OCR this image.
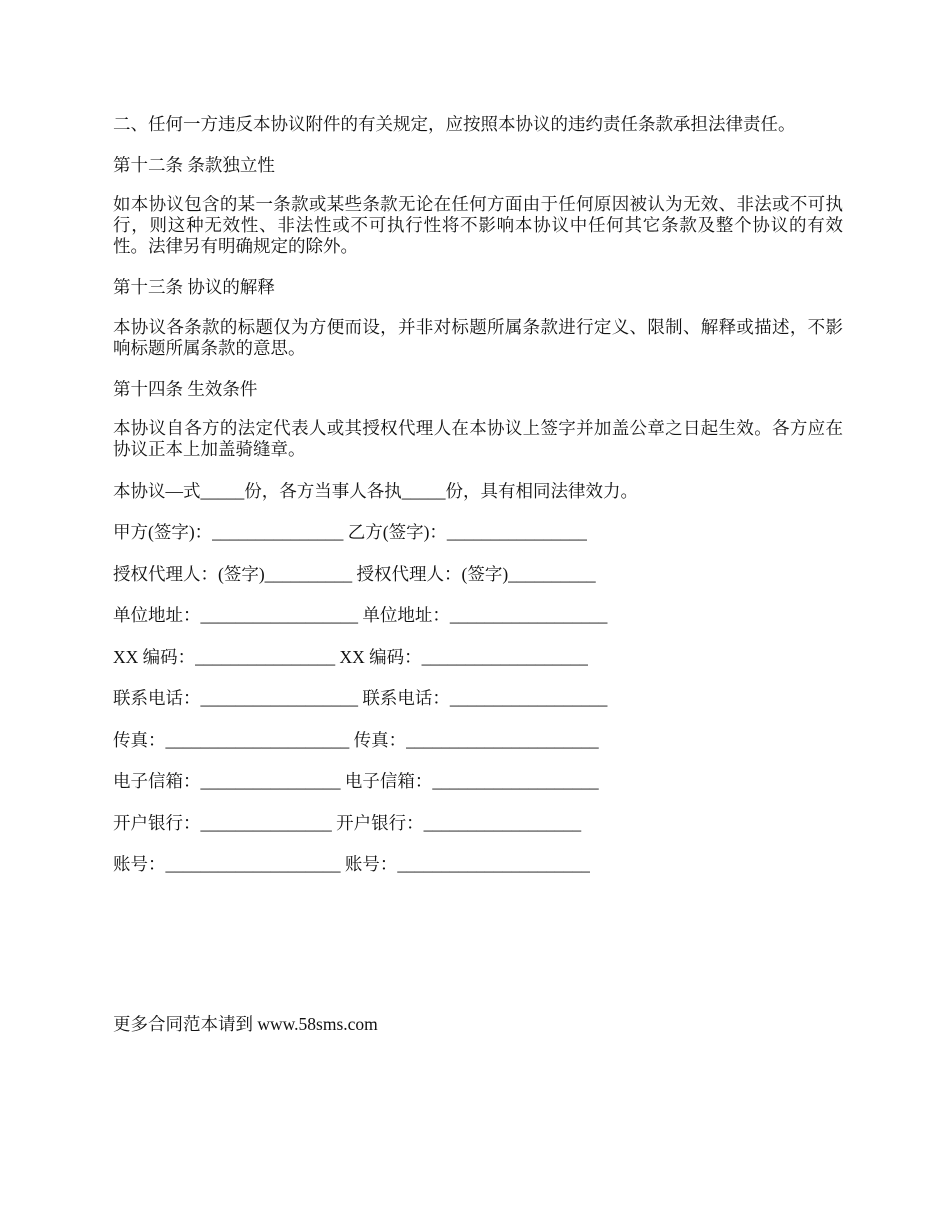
二、任何一方违反本协议附件的有关规定，应按照本协议的违约责任条款承担法律责任。
第十二条 条款独立性
如本协议包含的某一条款或某些条款无论在任何方面由于任何原因被认为无效、非法或不可执行，则这种无效性、非法性或不可执行性将不影响本协议中任何其它条款及整个协议的有效性。法律另有明确规定的除外。
第十三条 协议的解释
本协议各条款的标题仅为方便而设，并非对标题所属条款进行定义、限制、解释或描述，不影响标题所属条款的意思。
第十四条 生效条件
本协议自各方的法定代表人或其授权代理人在本协议上签字并加盖公章之日起生效。各方应在协议正本上加盖骑缝章。
本协议—式_____份，各方当事人各执_____份，具有相同法律效力。
甲方(签字)：_______________ 乙方(签字)：________________
授权代理人：(签字)__________ 授权代理人：(签字)__________
单位地址：__________________ 单位地址：__________________
XX 编码：________________ XX 编码：___________________
联系电话：__________________ 联系电话：__________________
传真：_____________________ 传真：______________________
电子信箱：________________ 电子信箱：___________________
开户银行：_______________ 开户银行：__________________
账号：____________________ 账号：______________________
更多合同范本请到 www.58sms.com
